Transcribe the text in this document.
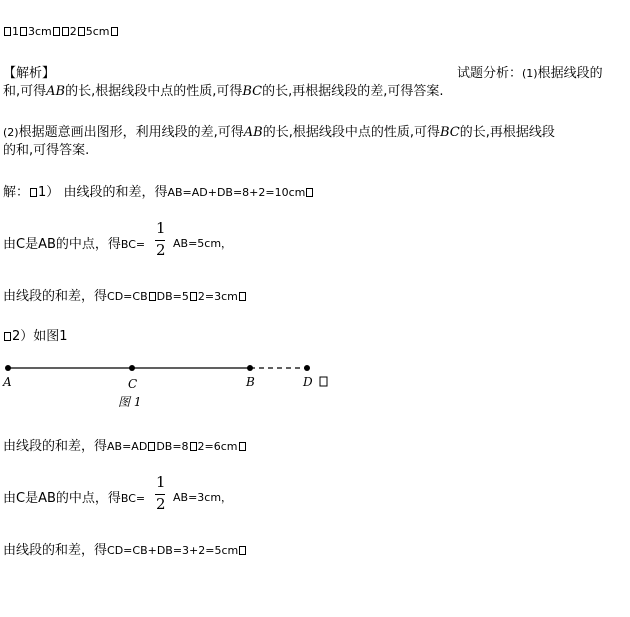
1 3cm 2 5cm
【解析】	试题分析：(1)根据线段的
和,可得AB的长,根据线段中点的性质,可得BC的长,再根据线段的差,可得答案.
(2)根据题意画出图形，利用线段的差,可得AB的长,根据线段中点的性质,可得BC的长,再根据线段
的和,可得答案.
解： 1） 由线段的和差，得AB=AD+DB=8+2=10cm
由C是AB的中点，得BC=
1
2 AB=5cm，
由线段的和差，得CD=CB DB=5 2=3cm
2）如图1
A	C	B	D
图 1
由线段的和差，得AB=AD DB=8 2=6cm
由C是AB的中点，得BC=
1
2 AB=3cm，
由线段的和差，得CD=CB+DB=3+2=5cm
